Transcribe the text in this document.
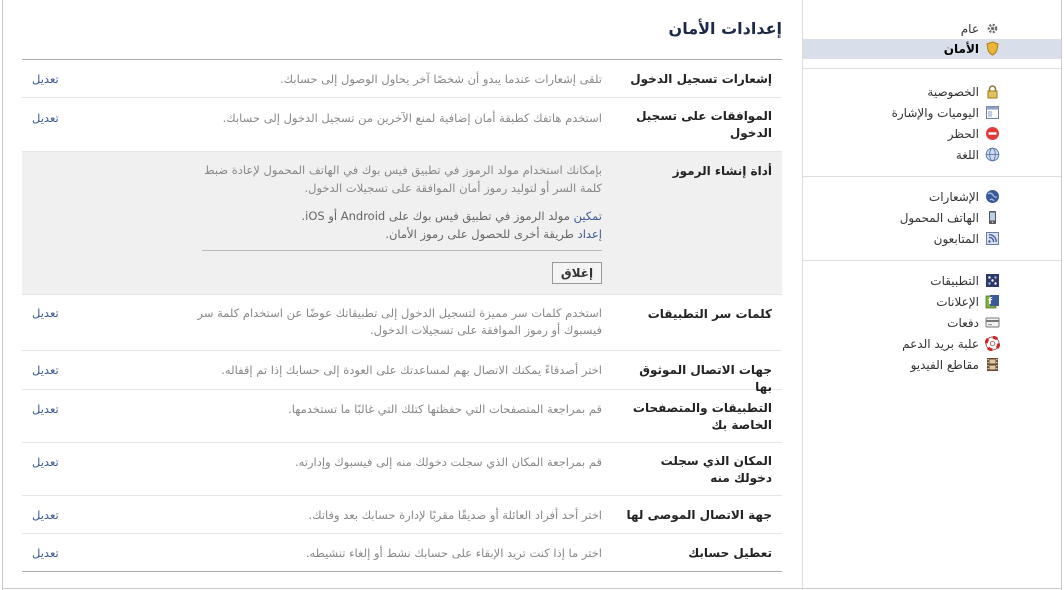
عام
الأمان
الخصوصية
اليوميات والإشارة
الحظر
اللغة
الإشعارات
الهاتف المحمول
المتابعون
التطبيقات
f
الإعلانات
دفعات
علبة بريد الدعم
مقاطع الفيديو
إعدادات الأمان
إشعارات تسجيل الدخول
تلقى إشعارات عندما يبدو أن شخصًا آخر يحاول الوصول إلى حسابك.
تعديل
الموافقات على تسجيل الدخول
استخدم هاتفك كطبقة أمان إضافية لمنع الآخرين من تسجيل الدخول إلى حسابك.
تعديل
أداة إنشاء الرموز
بإمكانك استخدام مولد الرموز في تطبيق فيس بوك في الهاتف المحمول لإعادة ضبط كلمة السر أو لتوليد رموز أمان الموافقة على تسجيلات الدخول.
تمكين مولد الرموز في تطبيق فيس بوك على Android أو iOS.
إعداد طريقة أخرى للحصول على رموز الأمان.
إغلاق
كلمات سر التطبيقات
استخدم كلمات سر مميزة لتسجيل الدخول إلى تطبيقاتك عوضًا عن استخدام كلمة سر فيسبوك أو رموز الموافقة على تسجيلات الدخول.
تعديل
جهات الاتصال الموثوق بها
اختر أصدقاءً يمكنك الاتصال بهم لمساعدتك على العودة إلى حسابك إذا تم إقفاله.
تعديل
التطبيقات والمتصفحات الخاصة بك
قم بمراجعة المتصفحات التي حفظتها كتلك التي غالبًا ما تستخدمها.
تعديل
المكان الذي سجلت دخولك منه
قم بمراجعة المكان الذي سجلت دخولك منه إلى فيسبوك وإدارته.
تعديل
جهة الاتصال الموصى لها
اختر أحد أفراد العائلة أو صديقًا مقربًا لإدارة حسابك بعد وفاتك.
تعديل
تعطيل حسابك
اختر ما إذا كنت تريد الإبقاء على حسابك نشط أو إلغاء تنشيطه.
تعديل
